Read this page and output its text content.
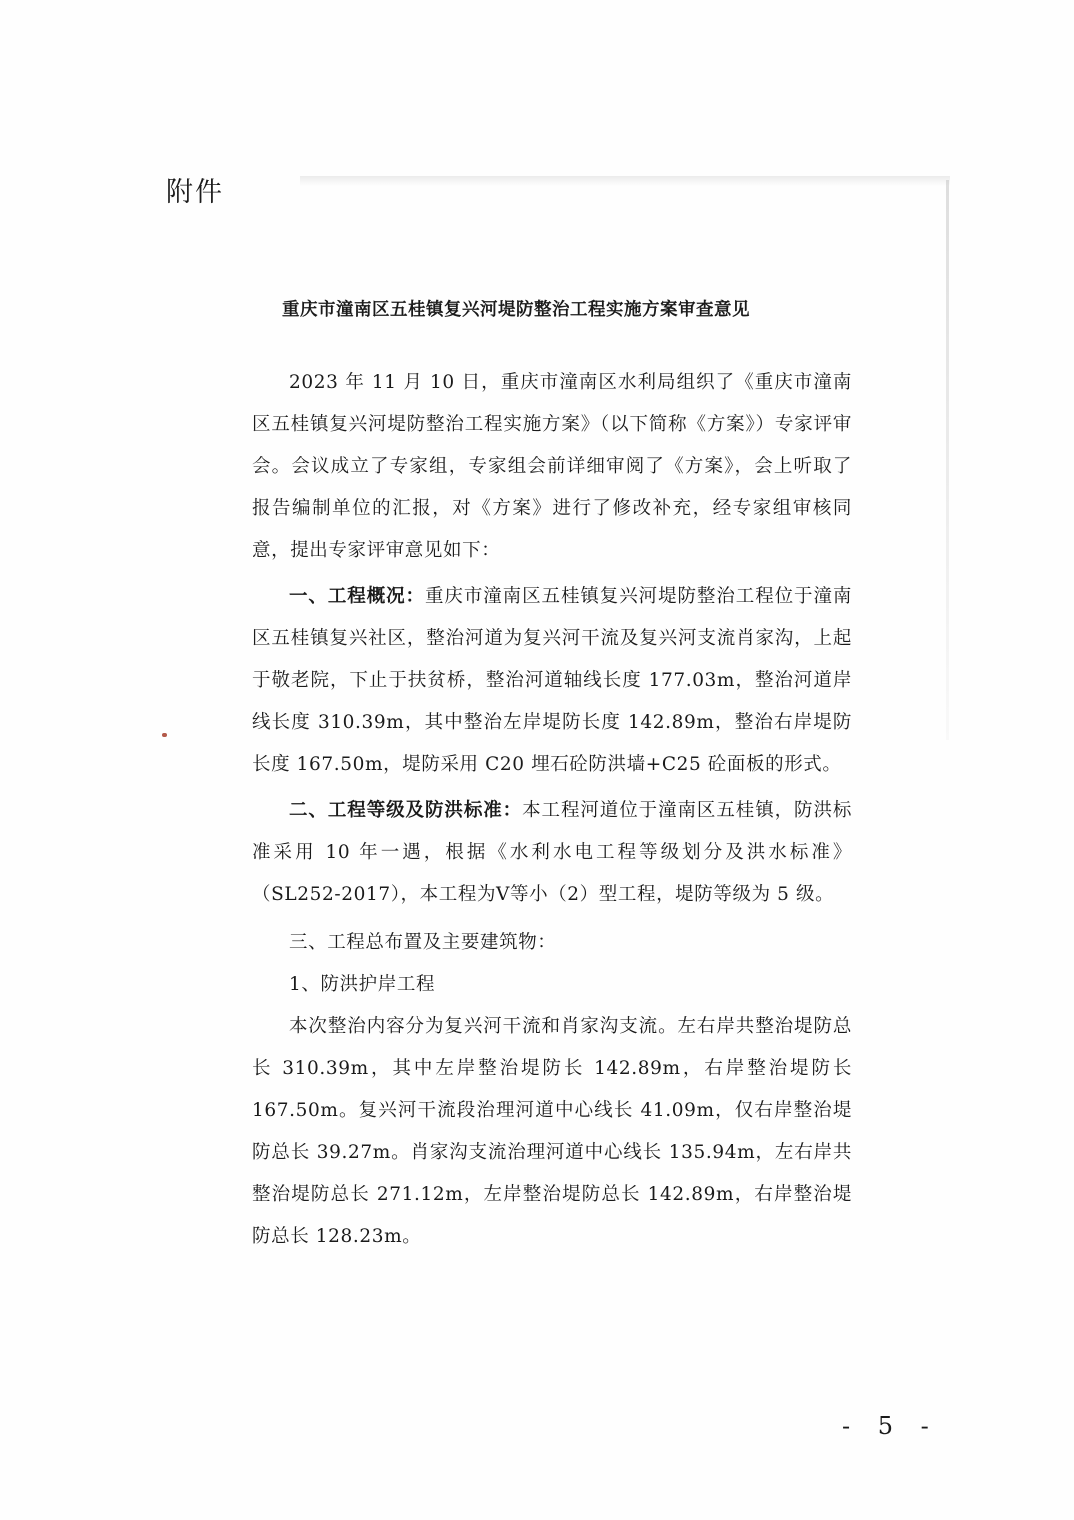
附件
重庆市潼南区五桂镇复兴河堤防整治工程实施方案审查意见

2023 年 11 月 10 日，重庆市潼南区水利局组织了《重庆市潼南区五桂镇复兴河堤防整治工程实施方案》（以下简称《方案》）专家评审会。会议成立了专家组，专家组会前详细审阅了《方案》，会上听取了报告编制单位的汇报，对《方案》进行了修改补充，经专家组审核同意，提出专家评审意见如下：

一、工程概况：重庆市潼南区五桂镇复兴河堤防整治工程位于潼南区五桂镇复兴社区，整治河道为复兴河干流及复兴河支流肖家沟，上起于敬老院，下止于扶贫桥，整治河道轴线长度 177.03m，整治河道岸线长度 310.39m，其中整治左岸堤防长度 142.89m，整治右岸堤防长度 167.50m，堤防采用 C20 埋石砼防洪墙+C25 砼面板的形式。

二、工程等级及防洪标准：本工程河道位于潼南区五桂镇，防洪标准采用 10 年一遇，根据《水利水电工程等级划分及洪水标准》（SL252-2017），本工程为Ⅴ等小（2）型工程，堤防等级为 5 级。

三、工程总布置及主要建筑物：

1、防洪护岸工程

本次整治内容分为复兴河干流和肖家沟支流。左右岸共整治堤防总长 310.39m，其中左岸整治堤防长 142.89m，右岸整治堤防长 167.50m。复兴河干流段治理河道中心线长 41.09m，仅右岸整治堤防总长 39.27m。肖家沟支流治理河道中心线长 135.94m，左右岸共整治堤防总长 271.12m，左岸整治堤防总长 142.89m，右岸整治堤防总长 128.23m。

- 5 -
